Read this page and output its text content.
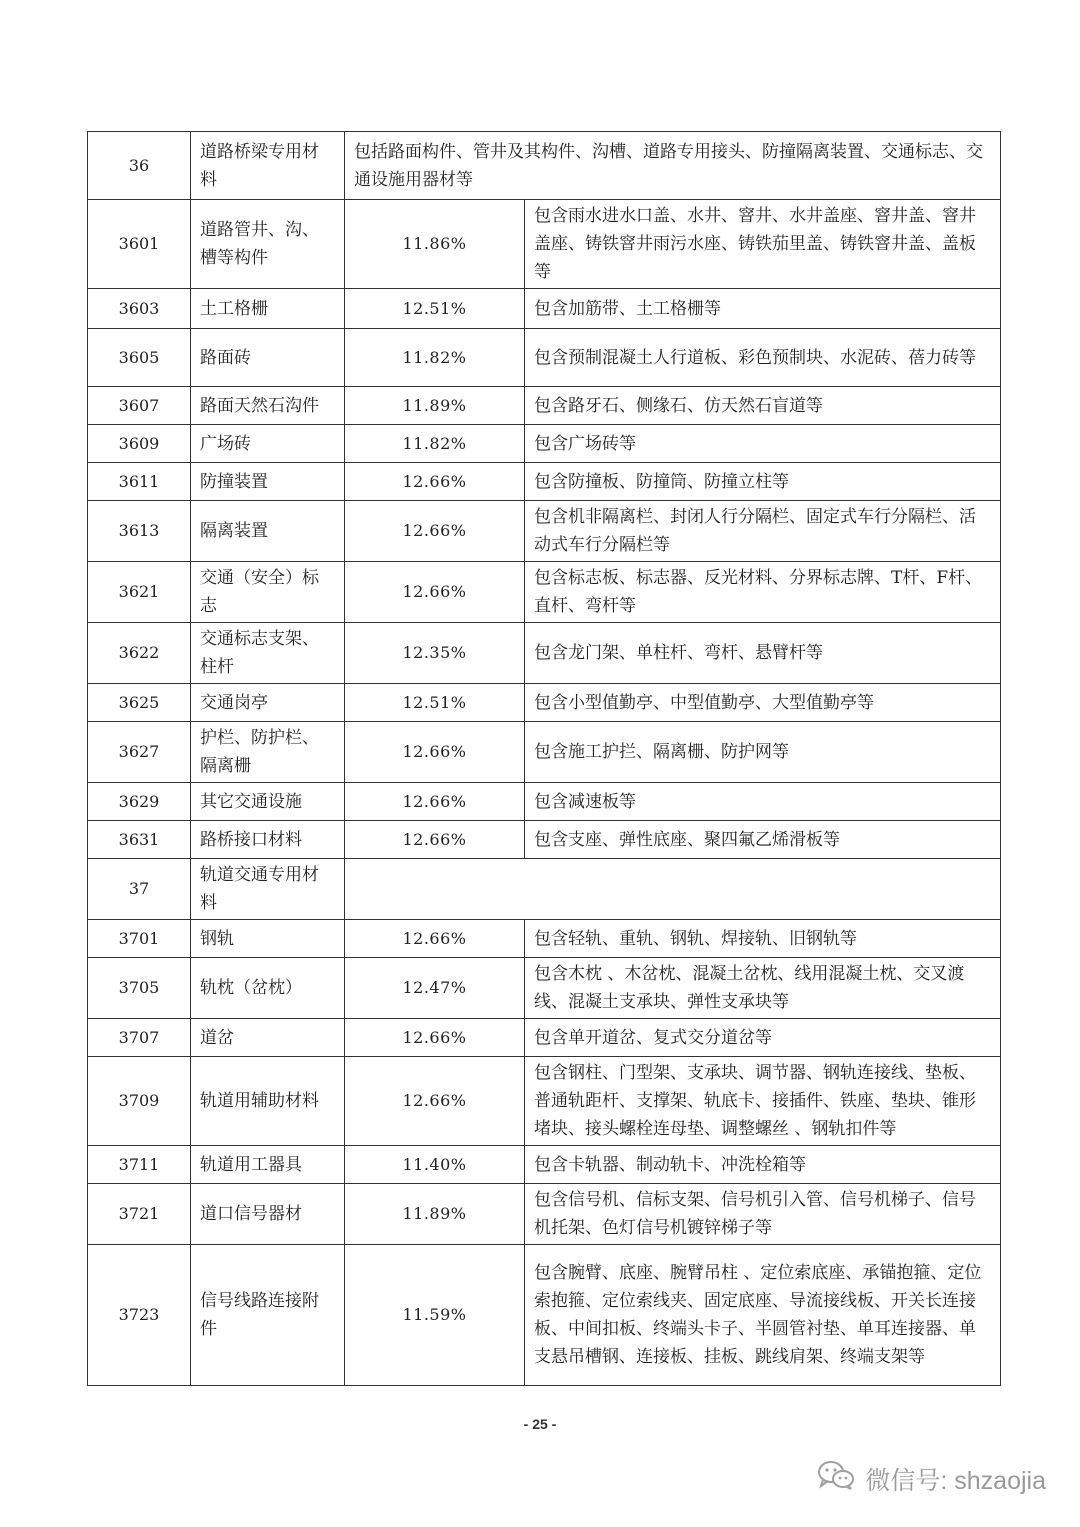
36	道路桥梁专用材料	包括路面构件、管井及其构件、沟槽、道路专用接头、防撞隔离装置、交通标志、交通设施用器材等	
3601	道路管井、沟、槽等构件	11.86%	包含雨水进水口盖、水井、窨井、水井盖座、窨井盖、窨井盖座、铸铁窨井雨污水座、铸铁茄里盖、铸铁窨井盖、盖板等
3603	土工格栅	12.51%	包含加筋带、土工格栅等
3605	路面砖	11.82%	包含预制混凝土人行道板、彩色预制块、水泥砖、蓓力砖等
3607	路面天然石沟件	11.89%	包含路牙石、侧缘石、仿天然石盲道等
3609	广场砖	11.82%	包含广场砖等
3611	防撞装置	12.66%	包含防撞板、防撞筒、防撞立柱等
3613	隔离装置	12.66%	包含机非隔离栏、封闭人行分隔栏、固定式车行分隔栏、活动式车行分隔栏等
3621	交通（安全）标志	12.66%	包含标志板、标志器、反光材料、分界标志牌、T杆、F杆、直杆、弯杆等
3622	交通标志支架、柱杆	12.35%	包含龙门架、单柱杆、弯杆、悬臂杆等
3625	交通岗亭	12.51%	包含小型值勤亭、中型值勤亭、大型值勤亭等
3627	护栏、防护栏、隔离栅	12.66%	包含施工护拦、隔离栅、防护网等
3629	其它交通设施	12.66%	包含减速板等
3631	路桥接口材料	12.66%	包含支座、弹性底座、聚四氟乙烯滑板等
37	轨道交通专用材料		
3701	钢轨	12.66%	包含轻轨、重轨、钢轨、焊接轨、旧钢轨等
3705	轨枕（岔枕）	12.47%	包含木枕 、木岔枕、混凝土岔枕、线用混凝土枕、交叉渡线、混凝土支承块、弹性支承块等
3707	道岔	12.66%	包含单开道岔、复式交分道岔等
3709	轨道用辅助材料	12.66%	包含钢柱、门型架、支承块、调节器、钢轨连接线、垫板、普通轨距杆、支撑架、轨底卡、接插件、铁座、垫块、锥形堵块、接头螺栓连母垫、调整螺丝 、钢轨扣件等
3711	轨道用工器具	11.40%	包含卡轨器、制动轨卡、冲洗栓箱等
3721	道口信号器材	11.89%	包含信号机、信标支架、信号机引入管、信号机梯子、信号机托架、色灯信号机镀锌梯子等
3723	信号线路连接附件	11.59%	包含腕臂、底座、腕臂吊柱 、定位索底座、承锚抱箍、定位索抱箍、定位索线夹、固定底座、导流接线板、开关长连接板、中间扣板、终端头卡子、半圆管衬垫、单耳连接器、单支悬吊槽钢、连接板、挂板、跳线肩架、终端支架等
- 25 -
微信号: shzaojia
